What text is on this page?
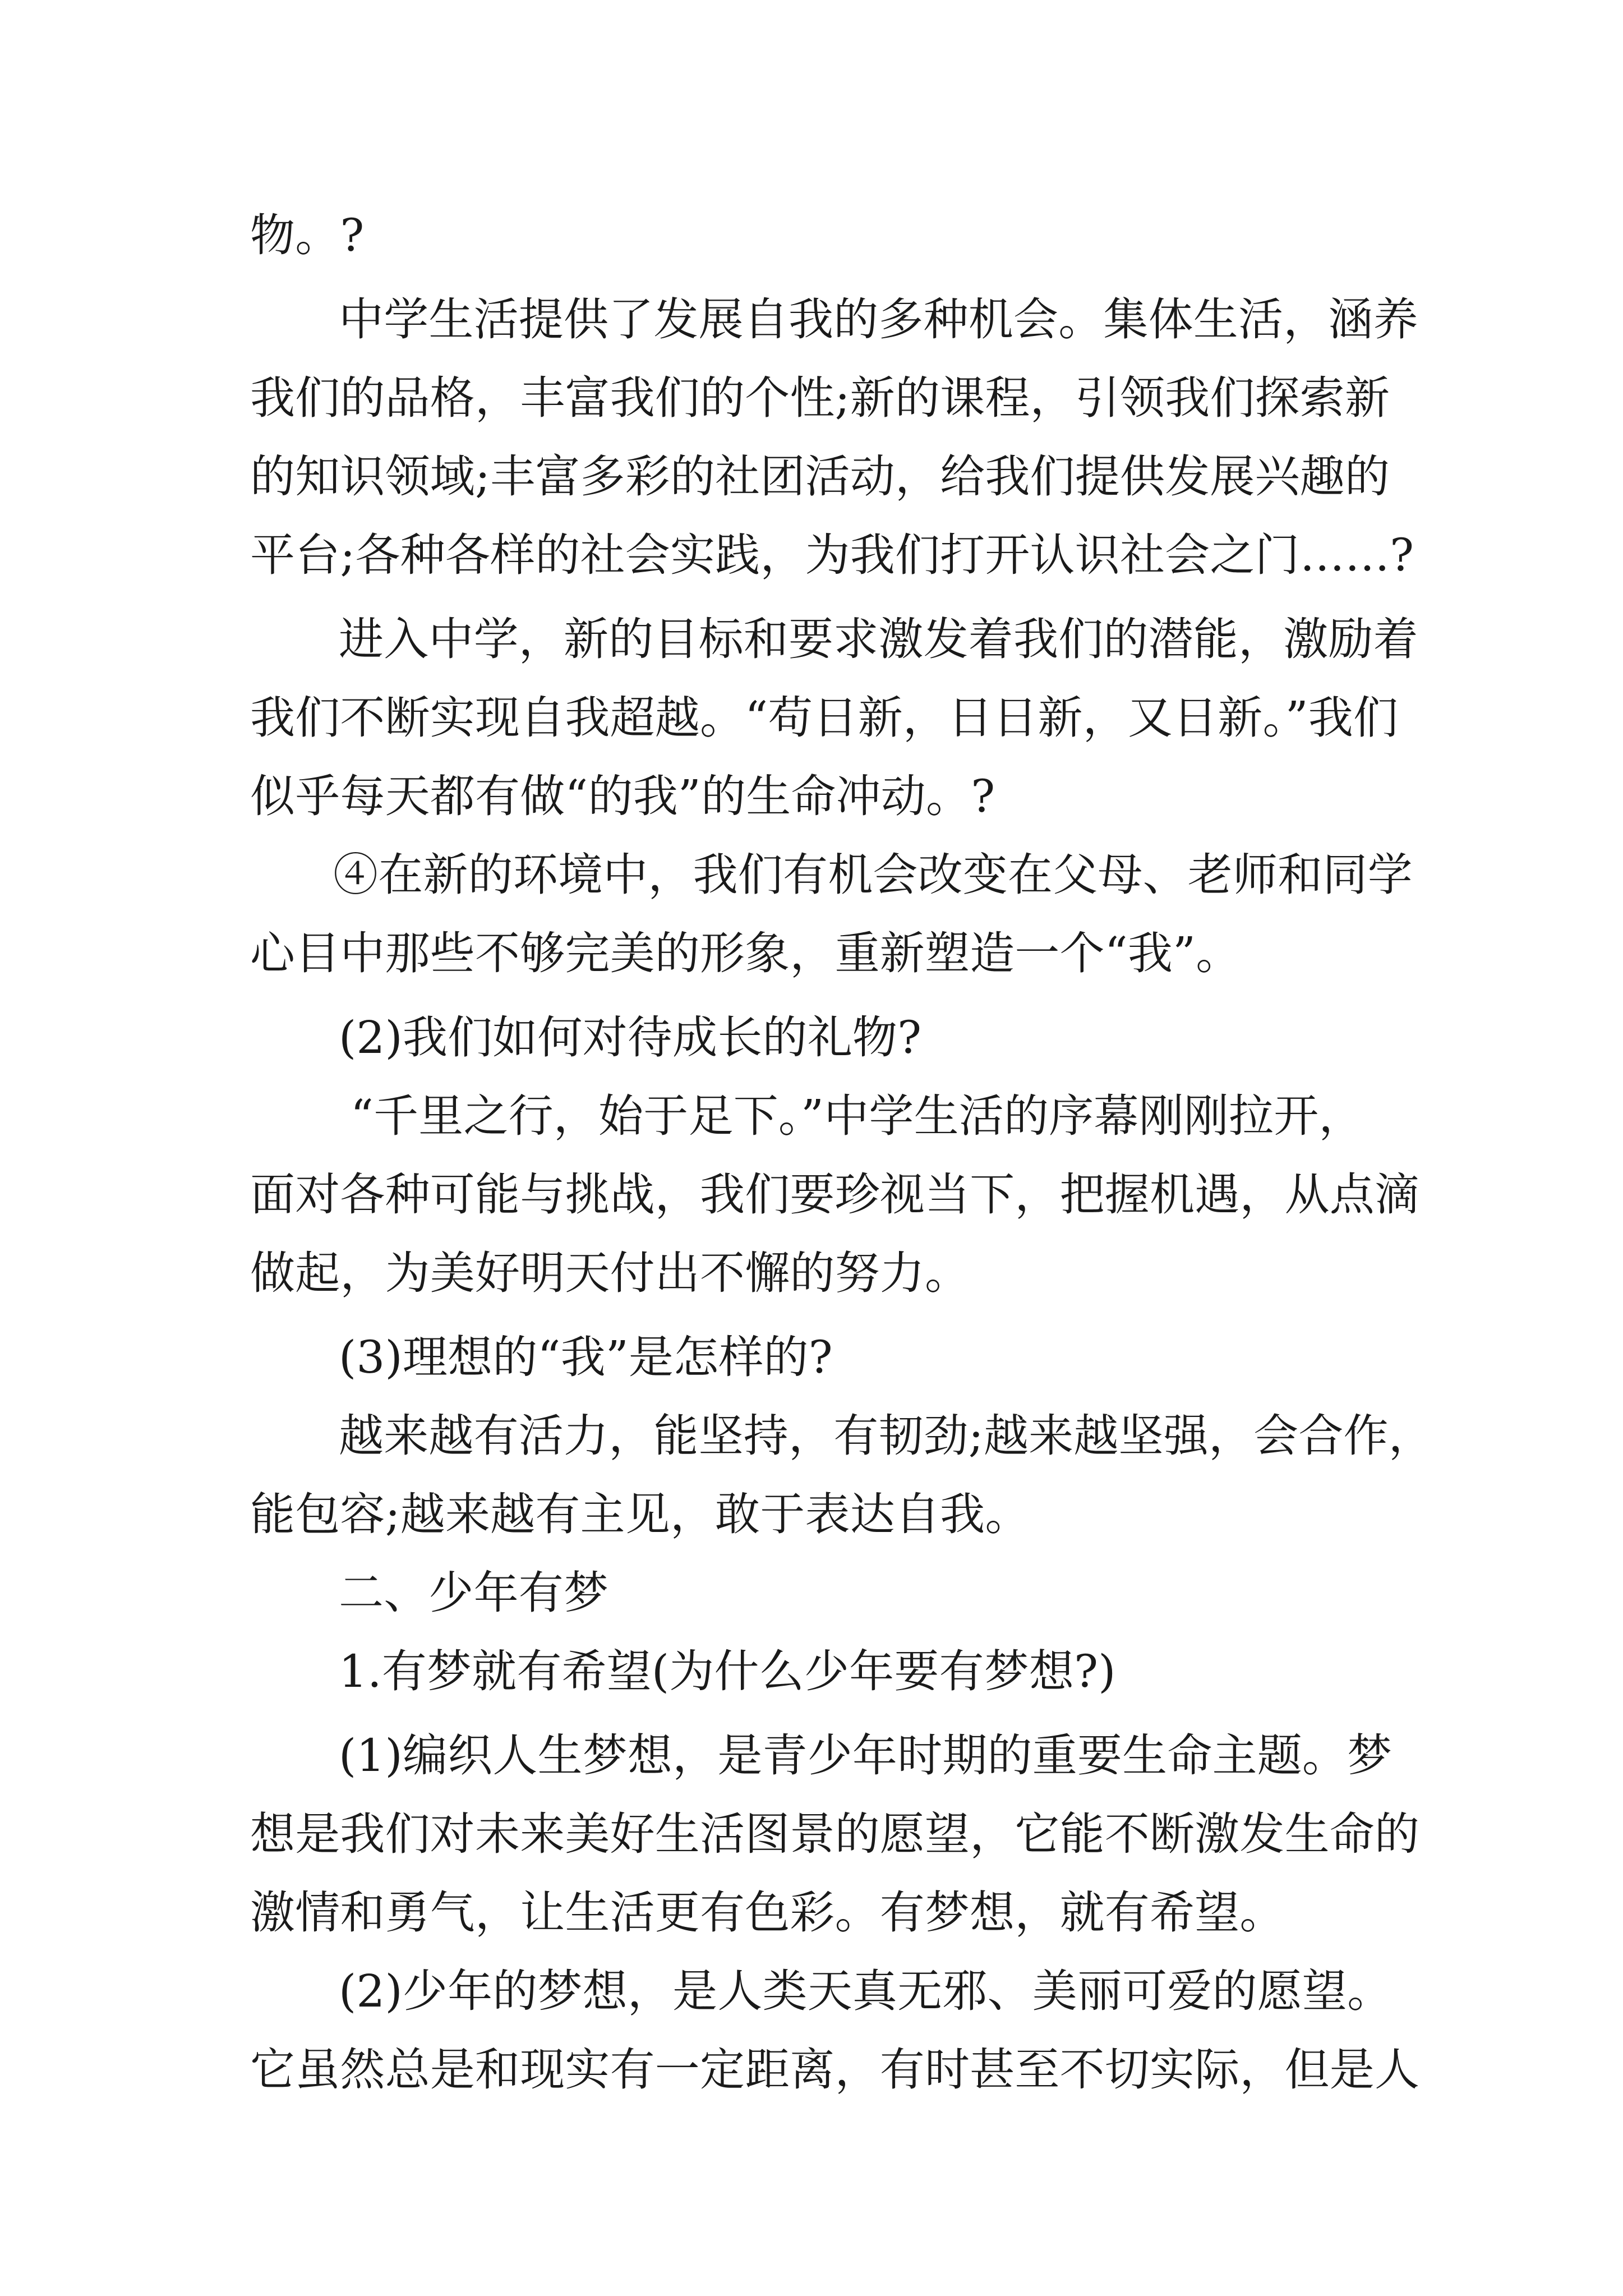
物。?
中学生活提供了发展自我的多种机会。集体生活，涵养
我们的品格，丰富我们的个性;新的课程，引领我们探索新
的知识领域;丰富多彩的社团活动，给我们提供发展兴趣的
平台;各种各样的社会实践，为我们打开认识社会之门……?
进入中学，新的目标和要求激发着我们的潜能，激励着
我们不断实现自我超越。“苟日新，日日新，又日新。”我们
似乎每天都有做“的我”的生命冲动。?
④在新的环境中，我们有机会改变在父母、老师和同学
心目中那些不够完美的形象，重新塑造一个“我”。
(2)我们如何对待成长的礼物?
“千里之行，始于足下。”中学生活的序幕刚刚拉开，
面对各种可能与挑战，我们要珍视当下，把握机遇，从点滴
做起，为美好明天付出不懈的努力。
(3)理想的“我”是怎样的?
越来越有活力，能坚持，有韧劲;越来越坚强，会合作，
能包容;越来越有主见，敢于表达自我。
二、少年有梦
1.有梦就有希望(为什么少年要有梦想?)
(1)编织人生梦想，是青少年时期的重要生命主题。梦
想是我们对未来美好生活图景的愿望，它能不断激发生命的
激情和勇气，让生活更有色彩。有梦想，就有希望。
(2)少年的梦想，是人类天真无邪、美丽可爱的愿望。
它虽然总是和现实有一定距离，有时甚至不切实际，但是人
